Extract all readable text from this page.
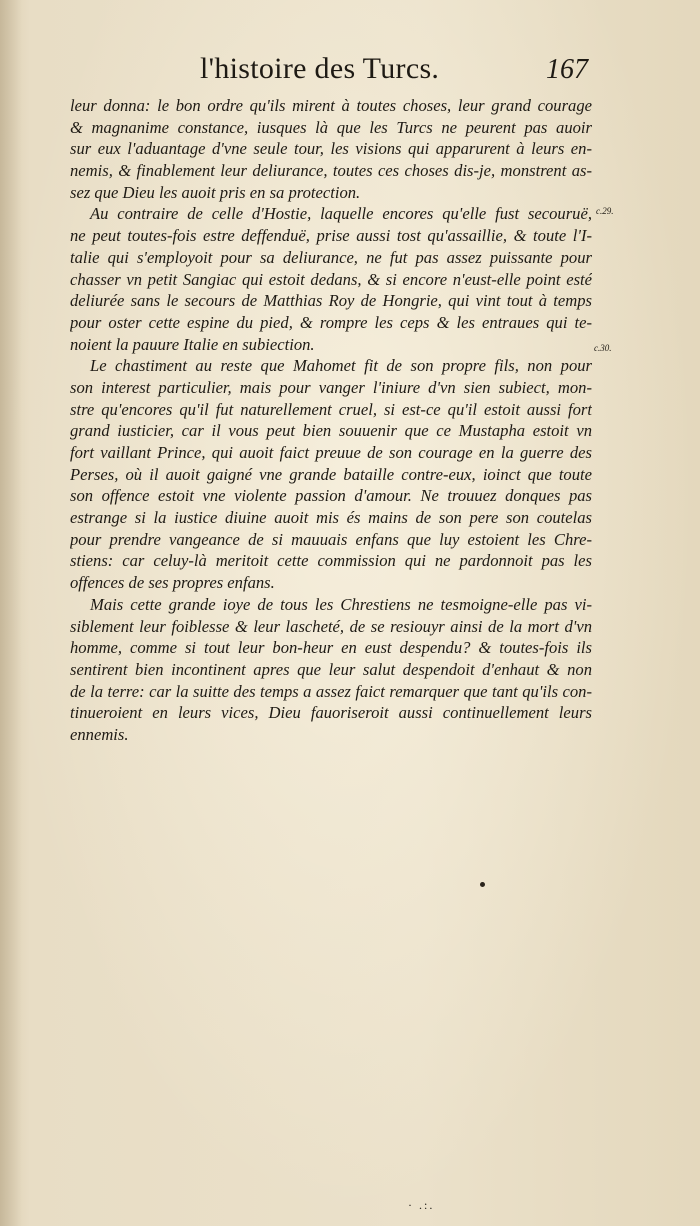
l'histoire des Turcs.	167
leur donna: le bon ordre qu'ils mirent à toutes choses, leur grand courage
& magnanime constance, iusques là que les Turcs ne peurent pas auoir
sur eux l'aduantage d'vne seule tour, les visions qui apparurent à leurs en-
nemis, & finablement leur deliurance, toutes ces choses dis-je, monstrent as-
sez que Dieu les auoit pris en sa protection.
Au contraire de celle d'Hostie, laquelle encores qu'elle fust secouruë,
ne peut toutes-fois estre deffenduë, prise aussi tost qu'assaillie, & toute l'I-
talie qui s'employoit pour sa deliurance, ne fut pas assez puissante pour
chasser vn petit Sangiac qui estoit dedans, & si encore n'eust-elle point esté
deliurée sans le secours de Matthias Roy de Hongrie, qui vint tout à temps
pour oster cette espine du pied, & rompre les ceps & les entraues qui te-
noient la pauure Italie en subiection.
Le chastiment au reste que Mahomet fit de son propre fils, non pour
son interest particulier, mais pour vanger l'iniure d'vn sien subiect, mon-
stre qu'encores qu'il fut naturellement cruel, si est-ce qu'il estoit aussi fort
grand iusticier, car il vous peut bien souuenir que ce Mustapha estoit vn
fort vaillant Prince, qui auoit faict preuue de son courage en la guerre des
Perses, où il auoit gaigné vne grande bataille contre-eux, ioinct que toute
son offence estoit vne violente passion d'amour. Ne trouuez donques pas
estrange si la iustice diuine auoit mis és mains de son pere son coutelas
pour prendre vangeance de si mauuais enfans que luy estoient les Chre-
stiens: car celuy-là meritoit cette commission qui ne pardonnoit pas les
offences de ses propres enfans.
Mais cette grande ioye de tous les Chrestiens ne tesmoigne-elle pas vi-
siblement leur foiblesse & leur lascheté, de se resiouyr ainsi de la mort d'vn
homme, comme si tout leur bon-heur en eust despendu? & toutes-fois ils
sentirent bien incontinent apres que leur salut despendoit d'enhaut & non
de la terre: car la suitte des temps a assez faict remarquer que tant qu'ils con-
tinueroient en leurs vices, Dieu fauoriseroit aussi continuellement leurs
ennemis.
c.29.
c.30.
· .:.
